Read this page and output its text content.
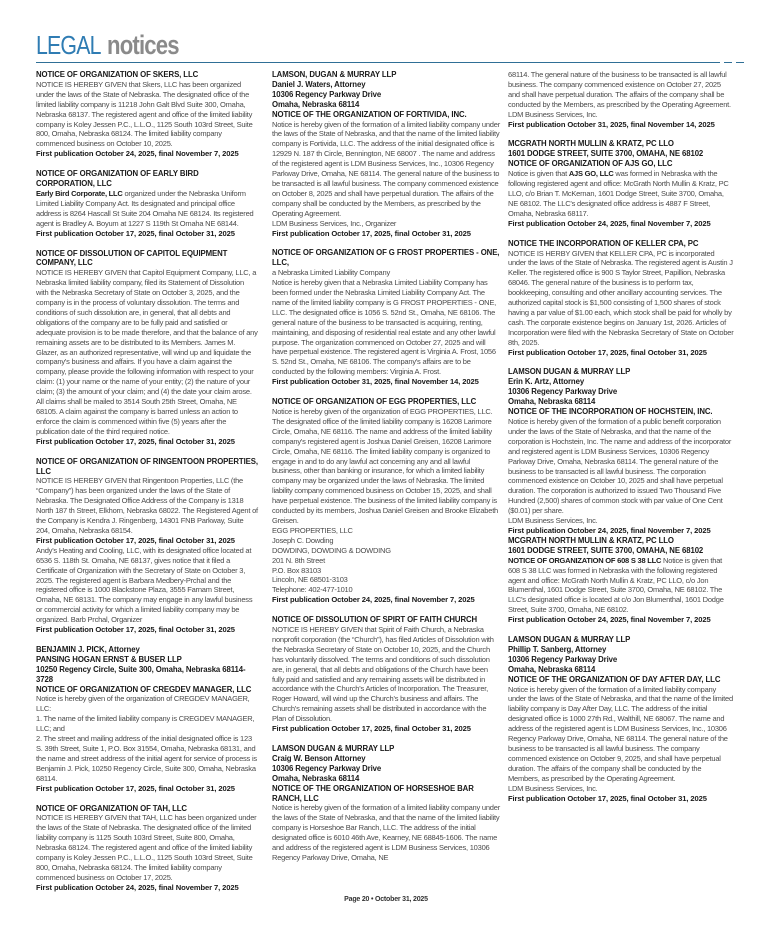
LEGAL notices
NOTICE OF ORGANIZATION OF SKERS, LLC
NOTICE IS HEREBY GIVEN that Skers, LLC has been organized under the laws of the State of Nebraska. The designated office of the limited liability company is 11218 John Galt Blvd Suite 300, Omaha, Nebraska 68137. The registered agent and office of the limited liability company is Koley Jessen P.C., L.L.O., 1125 South 103rd Street, Suite 800, Omaha, Nebraska 68124. The limited liability company commenced business on October 10, 2025.
First publication October 24, 2025, final November 7, 2025
NOTICE OF ORGANIZATION OF EARLY BIRD CORPORATION, LLC
Early Bird Corporate, LLC organized under the Nebraska Uniform Limited Liability Company Act. Its designated and principal office address is 8264 Hascall St Suite 204 Omaha NE 68124. Its registered agent is Bradley A. Boyum at 1227 S 119th St Omaha NE 68144.
First publication October 17, 2025, final October 31, 2025
NOTICE OF DISSOLUTION OF CAPITOL EQUIPMENT COMPANY, LLC
NOTICE IS HEREBY GIVEN that Capitol Equipment Company, LLC, a Nebraska limited liability company, filed its Statement of Dissolution with the Nebraska Secretary of State on October 3, 2025, and the company is in the process of voluntary dissolution. The terms and conditions of such dissolution are, in general, that all debts and obligations of the company are to be fully paid and satisfied or adequate provision is to be made therefore, and that the balance of any remaining assets are to be distributed to its Members. James M. Glazer, as an authorized representative, will wind up and liquidate the company's business and affairs. If you have a claim against the company, please provide the following information with respect to your claim: (1) your name or the name of your entity; (2) the nature of your claim; (3) the amount of your claim; and (4) the date your claim arose. All claims shall be mailed to 3514 South 25th Street, Omaha, NE 68105. A claim against the company is barred unless an action to enforce the claim is commenced within five (5) years after the publication date of the third required notice.
First publication October 17, 2025, final October 31, 2025
NOTICE OF ORGANIZATION OF RINGENTOON PROPERTIES, LLC
NOTICE IS HEREBY GIVEN that Ringentoon Properties, LLC (the “Company”) has been organized under the laws of the State of Nebraska. The Designated Office Address of the Company is 1318 North 187 th Street, Elkhorn, Nebraska 68022. The Registered Agent of the Company is Kendra J. Ringenberg, 14301 FNB Parkway, Suite 204, Omaha, Nebraska 68154.
First publication October 17, 2025, final October 31, 2025
Andy's Heating and Cooling, LLC, with its designated office located at 6536 S. 118th St. Omaha, NE 68137, gives notice that it filed a Certificate of Organization with the Secretary of State on October 3, 2025. The registered agent is Barbara Medbery-Prchal and the registered office is 1000 Blackstone Plaza, 3555 Farnam Street, Omaha, NE 68131. The company may engage in any lawful business or commercial activity for which a limited liability company may be organized. Barb Prchal, Organizer
First publication October 17, 2025, final October 31, 2025
BENJAMIN J. PICK, Attorney
PANSING HOGAN ERNST & BUSER LLP
10250 Regency Circle, Suite 300, Omaha, Nebraska 68114-3728
NOTICE OF ORGANIZATION OF CREGDEV MANAGER, LLC
Notice is hereby given of the organization of CREGDEV MANAGER, LLC:
1. The name of the limited liability company is CREGDEV MANAGER, LLC; and
2. The street and mailing address of the initial designated office is 123 S. 39th Street, Suite 1, P.O. Box 31554, Omaha, Nebraska 68131, and the name and street address of the initial agent for service of process is Benjamin J. Pick, 10250 Regency Circle, Suite 300, Omaha, Nebraska 68114.
First publication October 17, 2025, final October 31, 2025
NOTICE OF ORGANIZATION OF TAH, LLC
NOTICE IS HEREBY GIVEN that TAH, LLC has been organized under the laws of the State of Nebraska. The designated office of the limited liability company is 1125 South 103rd Street, Suite 800, Omaha, Nebraska 68124. The registered agent and office of the limited liability company is Koley Jessen P.C., L.L.O., 1125 South 103rd Street, Suite 800, Omaha, Nebraska 68124. The limited liability company commenced business on October 17, 2025.
First publication October 24, 2025, final November 7, 2025
LAMSON, DUGAN & MURRAY LLP
Daniel J. Waters, Attorney
10306 Regency Parkway Drive
Omaha, Nebraska 68114
NOTICE OF THE ORGANIZATION OF FORTIVIDA, INC.
Notice is hereby given of the formation of a limited liability company under the laws of the State of Nebraska, and that the name of the limited liability company is Fortivida, LLC. The address of the initial designated office is 12929 N. 187 th Circle, Bennington, NE 68007 . The name and address of the registered agent is LDM Business Services, Inc., 10306 Regency Parkway Drive, Omaha, NE 68114. The general nature of the business to be transacted is all lawful business. The company commenced existence on October 8, 2025 and shall have perpetual duration. The affairs of the company shall be conducted by the Members, as prescribed by the Operating Agreement.
LDM Business Services, Inc., Organizer
First publication October 17, 2025, final October 31, 2025
NOTICE OF ORGANIZATION OF G FROST PROPERTIES - ONE, LLC,
a Nebraska Limited Liability Company
Notice is hereby given that a Nebraska Limited Liability Company has been formed under the Nebraska Limited Liability Company Act. The name of the limited liability company is G FROST PROPERTIES - ONE, LLC. The designated office is 1056 S. 52nd St., Omaha, NE 68106. The general nature of the business to be transacted is acquiring, renting, maintaining, and disposing of residential real estate and any other lawful purpose. The organization commenced on October 27, 2025 and will have perpetual existence. The registered agent is Virginia A. Frost, 1056 S. 52nd St., Omaha, NE 68106. The company's affairs are to be conducted by the following members: Virginia A. Frost.
First publication October 31, 2025, final November 14, 2025
NOTICE OF ORGANIZATION OF EGG PROPERTIES, LLC
Notice is hereby given of the organization of EGG PROPERTIES, LLC. The designated office of the limited liability company is 16208 Larimore Circle, Omaha, NE 68116. The name and address of the limited liability company's registered agent is Joshua Daniel Greisen, 16208 Larimore Circle, Omaha, NE 68116. The limited liability company is organized to engage in and to do any lawful act concerning any and all lawful business, other than banking or insurance, for which a limited liability company may be organized under the laws of Nebraska. The limited liability company commenced business on October 15, 2025, and shall have perpetual existence. The business of the limited liability company is conducted by its members, Joshua Daniel Greisen and Brooke Elizabeth Greisen.
EGG PROPERTIES, LLC
Joseph C. Dowding
DOWDING, DOWDING & DOWDING
201 N. 8th Street
P.O. Box 83103
Lincoln, NE 68501-3103
Telephone: 402-477-1010
First publication October 24, 2025, final November 7, 2025
NOTICE OF DISSOLUTION OF SPIRT OF FAITH CHURCH
NOTICE IS HEREBY GIVEN that Spirit of Faith Church, a Nebraska nonprofit corporation (the “Church”), has filed Articles of Dissolution with the Nebraska Secretary of State on October 10, 2025, and the Church has voluntarily dissolved. The terms and conditions of such dissolution are, in general, that all debts and obligations of the Church have been fully paid and satisfied and any remaining assets will be distributed in accordance with the Church's Articles of Incorporation. The Treasurer, Roger Howard, will wind up the Church's business and affairs. The Church's remaining assets shall be distributed in accordance with the Plan of Dissolution.
First publication October 17, 2025, final October 31, 2025
LAMSON DUGAN & MURRAY LLP
Craig W. Benson Attorney
10306 Regency Parkway Drive
Omaha, Nebraska 68114
NOTICE OF THE ORGANIZATION OF HORSESHOE BAR RANCH, LLC
Notice is hereby given of the formation of a limited liability company under the laws of the State of Nebraska, and that the name of the limited liability company is Horseshoe Bar Ranch, LLC. The address of the initial designated office is 6010 46th Ave, Kearney, NE 68845-1606. The name and address of the registered agent is LDM Business Services, 10306 Regency Parkway Drive, Omaha, NE
68114. The general nature of the business to be transacted is all lawful business. The company commenced existence on October 27, 2025 and shall have perpetual duration. The affairs of the company shall be conducted by the Members, as prescribed by the Operating Agreement.
LDM Business Services, Inc.
First publication October 31, 2025, final November 14, 2025
MCGRATH NORTH MULLIN & KRATZ, PC LLO
1601 DODGE STREET, SUITE 3700, OMAHA, NE 68102
NOTICE OF ORGANIZATION OF AJS GO, LLC
Notice is given that AJS GO, LLC was formed in Nebraska with the following registered agent and office: McGrath North Mullin & Kratz, PC LLO, c/o Brian T. McKernan, 1601 Dodge Street, Suite 3700, Omaha, NE 68102. The LLC's designated office address is 4887 F Street, Omaha, Nebraska 68117.
First publication October 24, 2025, final November 7, 2025
NOTICE THE INCORPORATION OF KELLER CPA, PC
NOTICE IS HERBY GIVEN that KELLER CPA, PC is incorporated under the laws of the State of Nebraska. The registered agent is Austin J Keller. The registered office is 900 S Taylor Street, Papillion, Nebraska 68046. The general nature of the business is to perform tax, bookkeeping, consulting and other ancillary accounting services. The authorized capital stock is $1,500 consisting of 1,500 shares of stock having a par value of $1.00 each, which stock shall be paid for wholly by cash. The corporate existence begins on January 1st, 2026. Articles of Incorporation were filed with the Nebraska Secretary of State on October 8th, 2025.
First publication October 17, 2025, final October 31, 2025
LAMSON DUGAN & MURRAY LLP
Erin K. Artz, Attorney
10306 Regency Parkway Drive
Omaha, Nebraska 68114
NOTICE OF THE INCORPORATION OF HOCHSTEIN, INC.
Notice is hereby given of the formation of a public benefit corporation under the laws of the State of Nebraska, and that the name of the corporation is Hochstein, Inc. The name and address of the incorporator and registered agent is LDM Business Services, 10306 Regency Parkway Drive, Omaha, Nebraska 68114. The general nature of the business to be transacted is all lawful business. The corporation commenced existence on October 10, 2025 and shall have perpetual duration. The corporation is authorized to issued Two Thousand Five Hundred (2,500) shares of common stock with par value of One Cent ($0.01) per share.
LDM Business Services, Inc.
First publication October 24, 2025, final November 7, 2025
MCGRATH NORTH MULLIN & KRATZ, PC LLO
1601 DODGE STREET, SUITE 3700, OMAHA, NE 68102
NOTICE OF ORGANIZATION OF 608 S 38 LLC Notice is given that 608 S 38 LLC was formed in Nebraska with the following registered agent and office: McGrath North Mullin & Kratz, PC LLO, c/o Jon Blumenthal, 1601 Dodge Street, Suite 3700, Omaha, NE 68102. The LLC's designated office is located at c/o Jon Blumenthal, 1601 Dodge Street, Suite 3700, Omaha, NE 68102.
First publication October 24, 2025, final November 7, 2025
LAMSON DUGAN & MURRAY LLP
Phillip T. Sanberg, Attorney
10306 Regency Parkway Drive
Omaha, Nebraska 68114
NOTICE OF THE ORGANIZATION OF DAY AFTER DAY, LLC
Notice is hereby given of the formation of a limited liability company under the laws of the State of Nebraska, and that the name of the limited liability company is Day After Day, LLC. The address of the initial designated office is 1000 27th Rd., Walthill, NE 68067. The name and address of the registered agent is LDM Business Services, Inc., 10306 Regency Parkway Drive, Omaha, NE 68114. The general nature of the business to be transacted is all lawful business. The company commenced existence on October 9, 2025, and shall have perpetual duration. The affairs of the company shall be conducted by the Members, as prescribed by the Operating Agreement.
LDM Business Services, Inc.
First publication October 17, 2025, final October 31, 2025
Page 20 • October 31, 2025
